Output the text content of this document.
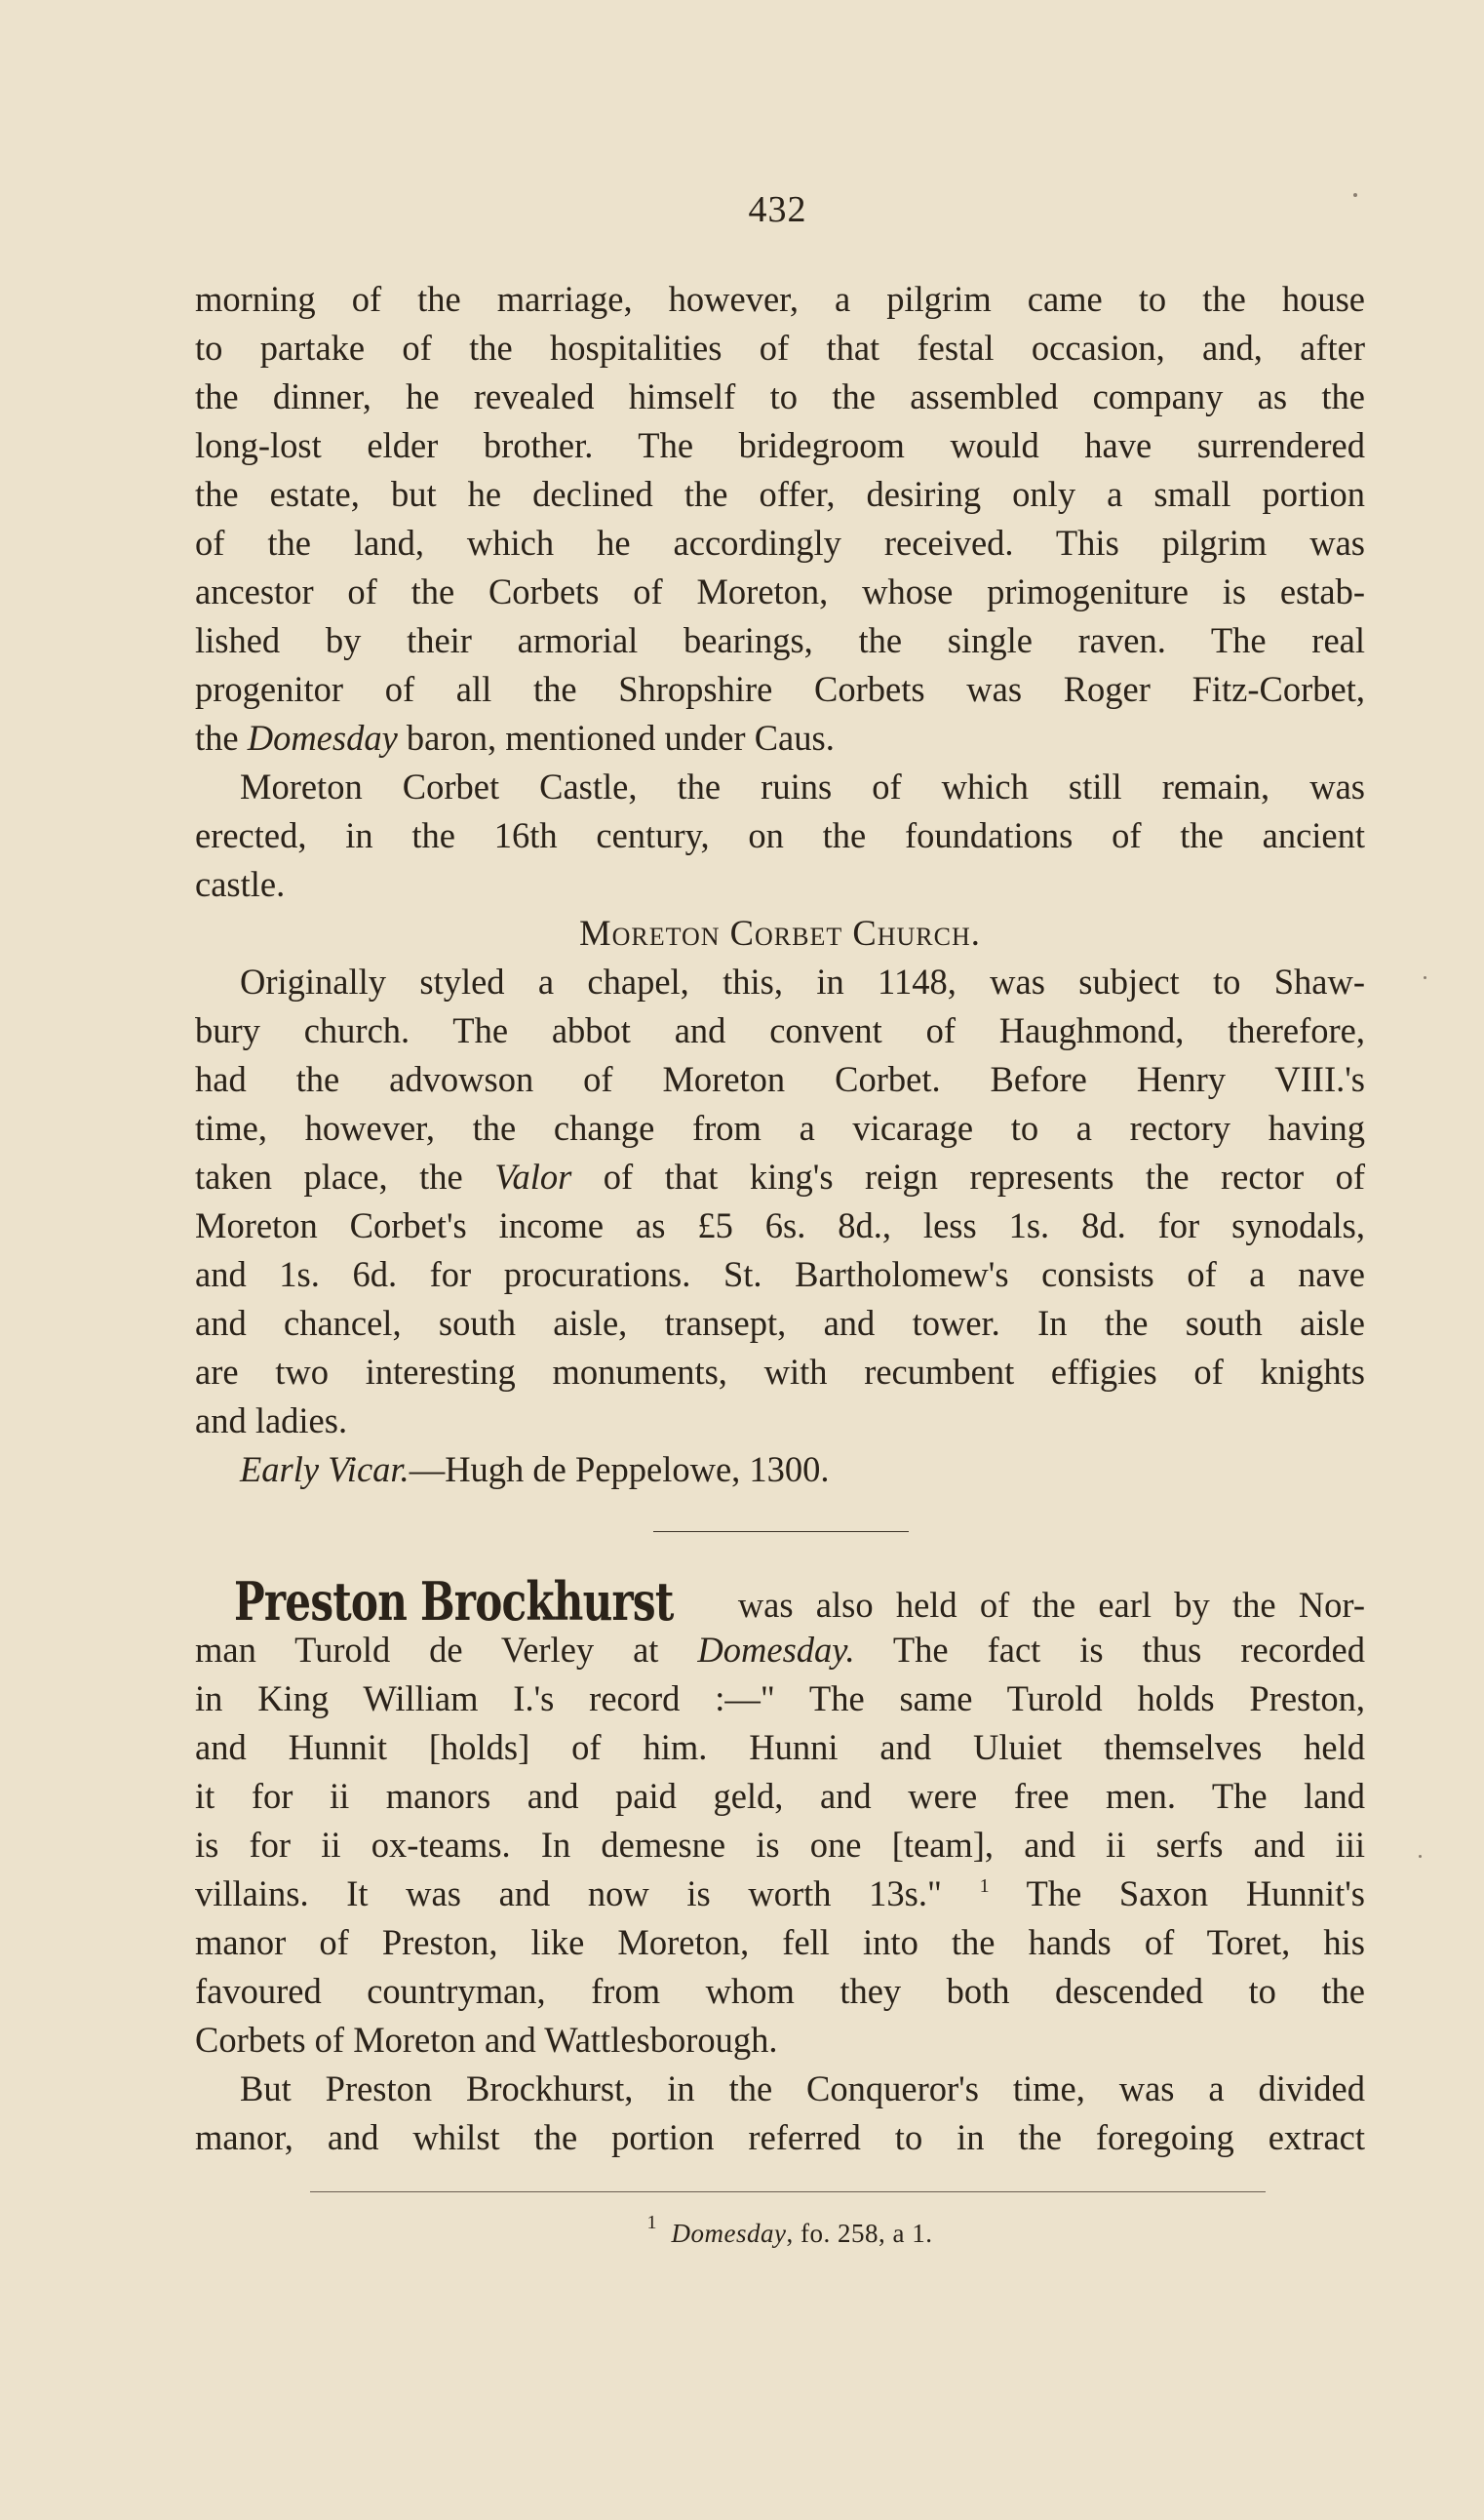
432
morning of the marriage, however, a pilgrim came to the house
to partake of the hospitalities of that festal occasion, and, after
the dinner, he revealed himself to the assembled company as the
long-lost elder brother. The bridegroom would have surrendered
the estate, but he declined the offer, desiring only a small portion
of the land, which he accordingly received. This pilgrim was
ancestor of the Corbets of Moreton, whose primogeniture is estab-
lished by their armorial bearings, the single raven. The real
progenitor of all the Shropshire Corbets was Roger Fitz-Corbet,
the Domesday baron, mentioned under Caus.
Moreton Corbet Castle, the ruins of which still remain, was
erected, in the 16th century, on the foundations of the ancient
castle.
Moreton Corbet Church.
Originally styled a chapel, this, in 1148, was subject to Shaw-
bury church. The abbot and convent of Haughmond, therefore,
had the advowson of Moreton Corbet. Before Henry VIII.'s
time, however, the change from a vicarage to a rectory having
taken place, the Valor of that king's reign represents the rector of
Moreton Corbet's income as £5 6s. 8d., less 1s. 8d. for synodals,
and 1s. 6d. for procurations. St. Bartholomew's consists of a nave
and chancel, south aisle, transept, and tower. In the south aisle
are two interesting monuments, with recumbent effigies of knights
and ladies.
Early Vicar.—Hugh de Peppelowe, 1300.
Preston Brockhurst was also held of the earl by the Nor-
man Turold de Verley at Domesday. The fact is thus recorded
in King William I.'s record :—" The same Turold holds Preston,
and Hunnit [holds] of him. Hunni and Uluiet themselves held
it for ii manors and paid geld, and were free men. The land
is for ii ox-teams. In demesne is one [team], and ii serfs and iii
villains. It was and now is worth 13s." $^1$ The Saxon Hunnit's
manor of Preston, like Moreton, fell into the hands of Toret, his
favoured countryman, from whom they both descended to the
Corbets of Moreton and Wattlesborough.
But Preston Brockhurst, in the Conqueror's time, was a divided
manor, and whilst the portion referred to in the foregoing extract
$^1$ Domesday, fo. 258, a 1.
